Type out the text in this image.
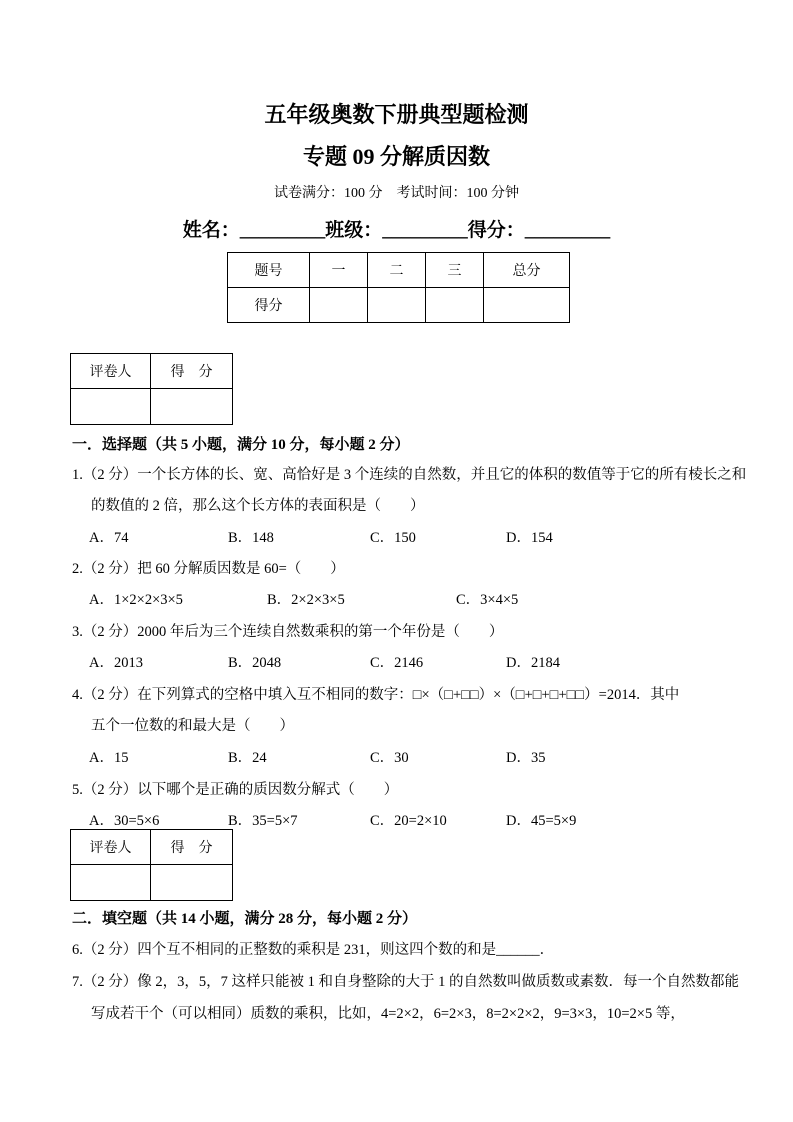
五年级奥数下册典型题检测
专题 09 分解质因数
试卷满分：100 分　考试时间：100 分钟
姓名：_________班级：_________得分：_________
题号	一	二	三	总分
得分
评卷人	得　分
一．选择题（共 5 小题，满分 10 分，每小题 2 分）
1.（2 分）一个长方体的长、宽、高恰好是 3 个连续的自然数，并且它的体积的数值等于它的所有棱长之和
的数值的 2 倍，那么这个长方体的表面积是（　　）
A．74	B．148	C．150	D．154
2.（2 分）把 60 分解质因数是 60=（　　）
A．1×2×2×3×5	B．2×2×3×5	C．3×4×5
3.（2 分）2000 年后为三个连续自然数乘积的第一个年份是（　　）
A．2013	B．2048	C．2146	D．2184
4.（2 分）在下列算式的空格中填入互不相同的数字：□×（□+□□）×（□+□+□+□□）=2014．其中
五个一位数的和最大是（　　）
A．15	B．24	C．30	D．35
5.（2 分）以下哪个是正确的质因数分解式（　　）
A．30=5×6	B．35=5×7	C．20=2×10	D．45=5×9
评卷人	得　分
二．填空题（共 14 小题，满分 28 分，每小题 2 分）
6.（2 分）四个互不相同的正整数的乘积是 231，则这四个数的和是______．
7.（2 分）像 2，3，5，7 这样只能被 1 和自身整除的大于 1 的自然数叫做质数或素数．每一个自然数都能
写成若干个（可以相同）质数的乘积，比如，4=2×2，6=2×3，8=2×2×2，9=3×3，10=2×5 等，
